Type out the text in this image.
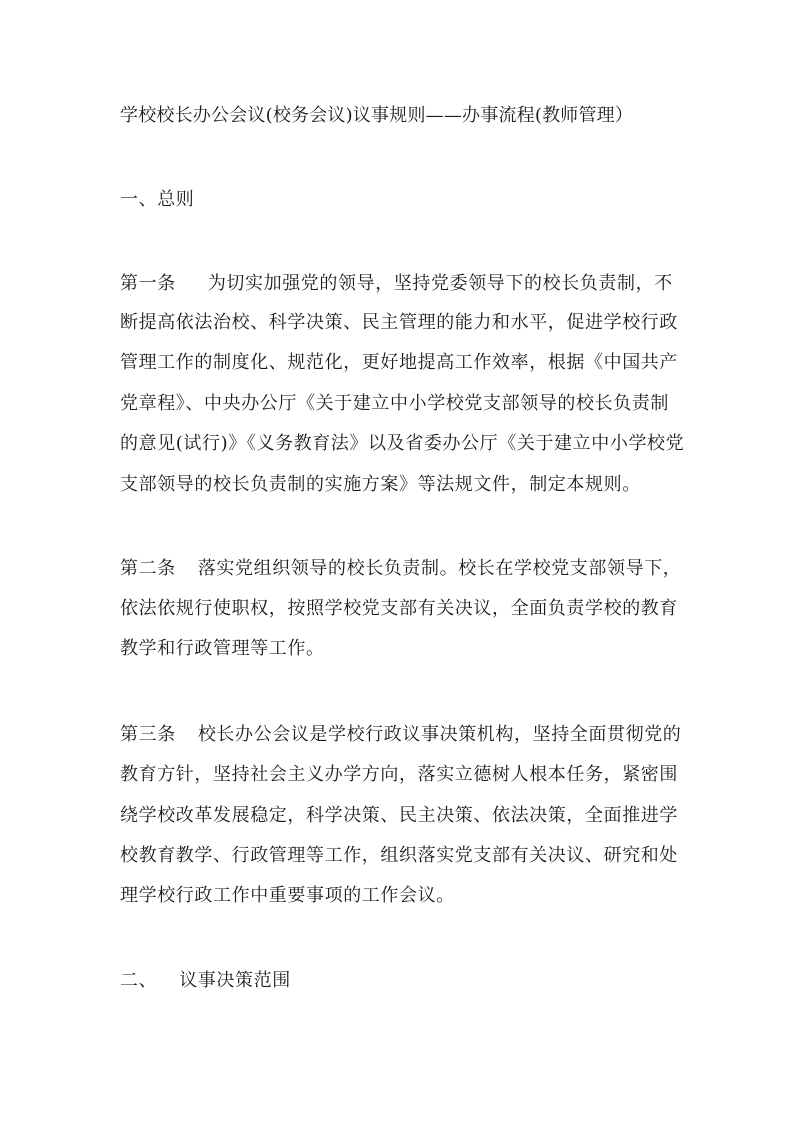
学校校长办公会议(校务会议)议事规则——办事流程(教师管理）
一、总则
第一条 为切实加强党的领导，坚持党委领导下的校长负责制，不
断提高依法治校、科学决策、民主管理的能力和水平，促进学校行政
管理工作的制度化、规范化，更好地提高工作效率，根据《中国共产
党章程》、中央办公厅《关于建立中小学校党支部领导的校长负责制
的意见(试行)》《义务教育法》以及省委办公厅《关于建立中小学校党
支部领导的校长负责制的实施方案》等法规文件，制定本规则。
第二条 落实党组织领导的校长负责制。校长在学校党支部领导下，
依法依规行使职权，按照学校党支部有关决议，全面负责学校的教育
教学和行政管理等工作。
第三条 校长办公会议是学校行政议事决策机构，坚持全面贯彻党的
教育方针，坚持社会主义办学方向，落实立德树人根本任务，紧密围
绕学校改革发展稳定，科学决策、民主决策、依法决策，全面推进学
校教育教学、行政管理等工作，组织落实党支部有关决议、研究和处
理学校行政工作中重要事项的工作会议。
二、 议事决策范围
